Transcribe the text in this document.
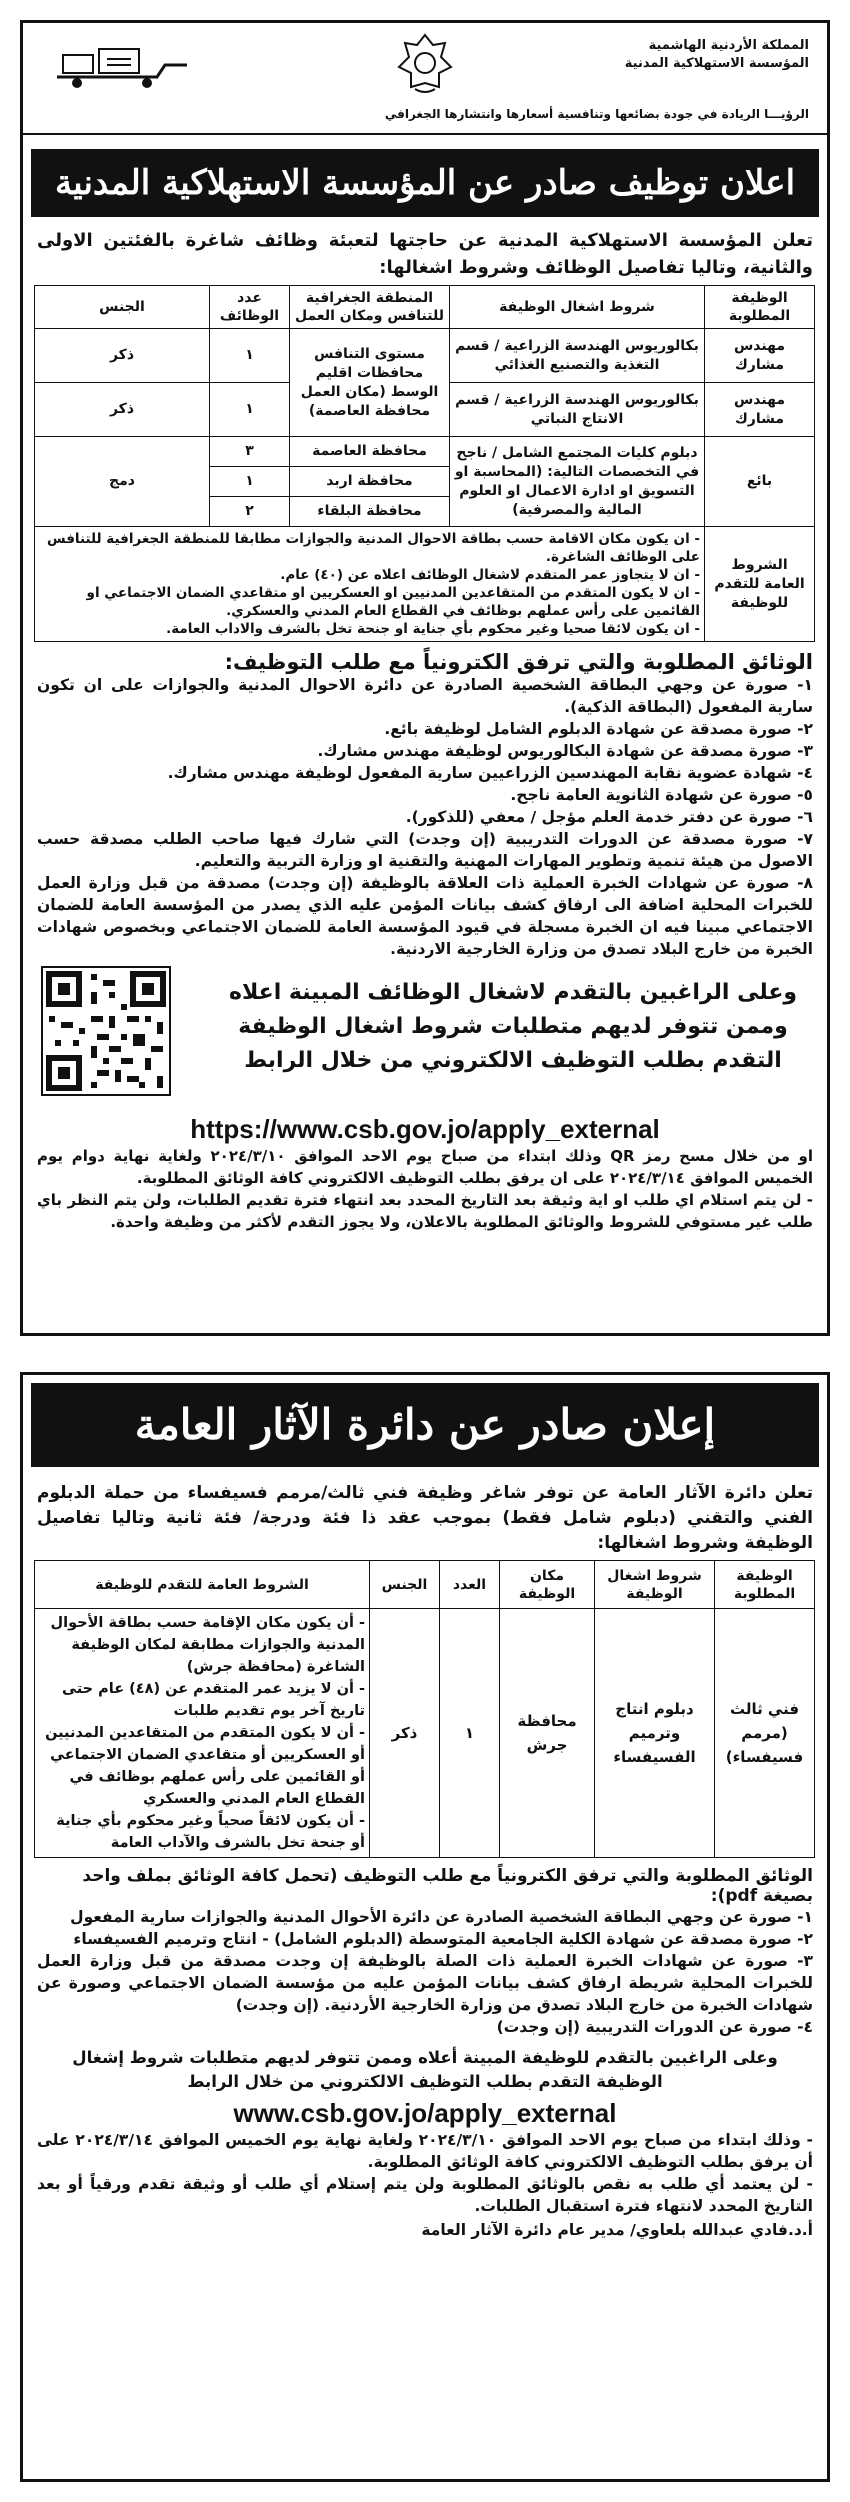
المملكة الأردنية الهاشمية
المؤسسة الاستهلاكية المدنية
الرؤيـــا الريادة في جودة بضائعها وتنافسية أسعارها وانتشارها الجغرافي
اعلان توظيف صادر عن المؤسسة الاستهلاكية المدنية

تعلن المؤسسة الاستهلاكية المدنية عن حاجتها لتعبئة وظائف شاغرة بالفئتين الاولى والثانية، وتاليا تفاصيل الوظائف وشروط اشغالها:

الوظيفة المطلوبة	شروط اشغال الوظيفة	المنطقة الجغرافية للتنافس ومكان العمل	عدد الوظائف	الجنس
مهندس مشارك	بكالوريوس الهندسة الزراعية / قسم التغذية والتصنيع الغذائي	مستوى التنافس محافظات اقليم الوسط (مكان العمل محافظة العاصمة)	١	ذكر
مهندس مشارك	بكالوريوس الهندسة الزراعية / قسم الانتاج النباتي		١	ذكر
بائع	دبلوم كليات المجتمع الشامل / ناجح في التخصصات التالية: (المحاسبة او التسويق او ادارة الاعمال او العلوم المالية والمصرفية)	محافظة العاصمة	٣	دمج
		محافظة اربد	١	
		محافظة البلقاء	٢	
الشروط العامة للتقدم للوظيفة	- ان يكون مكان الاقامة حسب بطاقة الاحوال المدنية والجوازات مطابقا للمنطقة الجغرافية للتنافس على الوظائف الشاغرة.
- ان لا يتجاوز عمر المتقدم لاشغال الوظائف اعلاه عن (٤٠) عام.
- ان لا يكون المتقدم من المتقاعدين المدنيين او العسكريين او متقاعدي الضمان الاجتماعي او القائمين على رأس عملهم بوظائف في القطاع العام المدني والعسكري.
- ان يكون لائقا صحيا وغير محكوم بأي جناية او جنحة تخل بالشرف والاداب العامة.			
الوثائق المطلوبة والتي ترفق الكترونياً مع طلب التوظيف:
١- صورة عن وجهي البطاقة الشخصية الصادرة عن دائرة الاحوال المدنية والجوازات على ان تكون سارية المفعول (البطاقة الذكية).
٢- صورة مصدقة عن شهادة الدبلوم الشامل لوظيفة بائع.
٣- صورة مصدقة عن شهادة البكالوريوس لوظيفة مهندس مشارك.
٤- شهادة عضوية نقابة المهندسين الزراعيين سارية المفعول لوظيفة مهندس مشارك.
٥- صورة عن شهادة الثانوية العامة ناجح.
٦- صورة عن دفتر خدمة العلم مؤجل / معفي (للذكور).
٧- صورة مصدقة عن الدورات التدريبية (إن وجدت) التي شارك فيها صاحب الطلب مصدقة حسب الاصول من هيئة تنمية وتطوير المهارات المهنية والتقنية او وزارة التربية والتعليم.
٨- صورة عن شهادات الخبرة العملية ذات العلاقة بالوظيفة (إن وجدت) مصدقة من قبل وزارة العمل للخبرات المحلية اضافة الى ارفاق كشف بيانات المؤمن عليه الذي يصدر من المؤسسة العامة للضمان الاجتماعي مبينا فيه ان الخبرة مسجلة في قيود المؤسسة العامة للضمان الاجتماعي وبخصوص شهادات الخبرة من خارج البلاد تصدق من وزارة الخارجية الاردنية.

وعلى الراغبين بالتقدم لاشغال الوظائف المبينة اعلاه وممن تتوفر لديهم متطلبات شروط اشغال الوظيفة التقدم بطلب التوظيف الالكتروني من خلال الرابط

https://www.csb.gov.jo/apply_external
او من خلال مسح رمز QR وذلك ابتداء من صباح يوم الاحد الموافق ٢٠٢٤/٣/١٠ ولغاية نهاية دوام يوم الخميس الموافق ٢٠٢٤/٣/١٤ على ان يرفق بطلب التوظيف الالكتروني كافة الوثائق المطلوبة.
- لن يتم استلام اي طلب او اية وثيقة بعد التاريخ المحدد بعد انتهاء فترة تقديم الطلبات، ولن يتم النظر باي طلب غير مستوفي للشروط والوثائق المطلوبة بالاعلان، ولا يجوز التقدم لأكثر من وظيفة واحدة.
إعلان صادر عن دائرة الآثار العامة

تعلن دائرة الآثار العامة عن توفر شاغر وظيفة فني ثالث/مرمم فسيفساء من حملة الدبلوم الفني والتقني (دبلوم شامل فقط) بموجب عقد ذا فئة ودرجة/ فئة ثانية وتاليا تفاصيل الوظيفة وشروط اشغالها:

الوظيفة المطلوبة	شروط اشغال الوظيفة	مكان الوظيفة	العدد	الجنس	الشروط العامة للتقدم للوظيفة
فني ثالث (مرمم فسيفساء)	دبلوم انتاج وترميم الفسيفساء	محافظة جرش	١	ذكر	- أن يكون مكان الإقامة حسب بطاقة الأحوال المدنية والجوازات مطابقة لمكان الوظيفة الشاغرة (محافظة جرش)
- أن لا يزيد عمر المتقدم عن (٤٨) عام حتى تاريخ آخر يوم تقديم طلبات
- أن لا يكون المتقدم من المتقاعدين المدنيين أو العسكريين أو متقاعدي الضمان الاجتماعي أو القائمين على رأس عملهم بوظائف في القطاع العام المدني والعسكري
- أن يكون لائقاً صحياً وغير محكوم بأي جناية أو جنحة تخل بالشرف والآداب العامة
الوثائق المطلوبة والتي ترفق الكترونياً مع طلب التوظيف (تحمل كافة الوثائق بملف واحد بصيغة pdf):
١- صورة عن وجهي البطاقة الشخصية الصادرة عن دائرة الأحوال المدنية والجوازات سارية المفعول
٢- صورة مصدقة عن شهادة الكلية الجامعية المتوسطة (الدبلوم الشامل) - انتاج وترميم الفسيفساء
٣- صورة عن شهادات الخبرة العملية ذات الصلة بالوظيفة إن وجدت مصدقة من قبل وزارة العمل للخبرات المحلية شريطة ارفاق كشف بيانات المؤمن عليه من مؤسسة الضمان الاجتماعي وصورة عن شهادات الخبرة من خارج البلاد تصدق من وزارة الخارجية الأردنية. (إن وجدت)
٤- صورة عن الدورات التدريبية (إن وجدت)

وعلى الراغبين بالتقدم للوظيفة المبينة أعلاه وممن تتوفر لديهم متطلبات شروط إشغال الوظيفة التقدم بطلب التوظيف الالكتروني من خلال الرابط

www.csb.gov.jo/apply_external
- وذلك ابتداء من صباح يوم الاحد الموافق ٢٠٢٤/٣/١٠ ولغاية نهاية يوم الخميس الموافق ٢٠٢٤/٣/١٤ على أن يرفق بطلب التوظيف الالكتروني كافة الوثائق المطلوبة.
- لن يعتمد أي طلب به نقص بالوثائق المطلوبة ولن يتم إستلام أي طلب أو وثيقة تقدم ورقياً أو بعد التاريخ المحدد لانتهاء فترة استقبال الطلبات.
أ.د.فادي عبدالله بلعاوي/ مدير عام دائرة الآثار العامة
